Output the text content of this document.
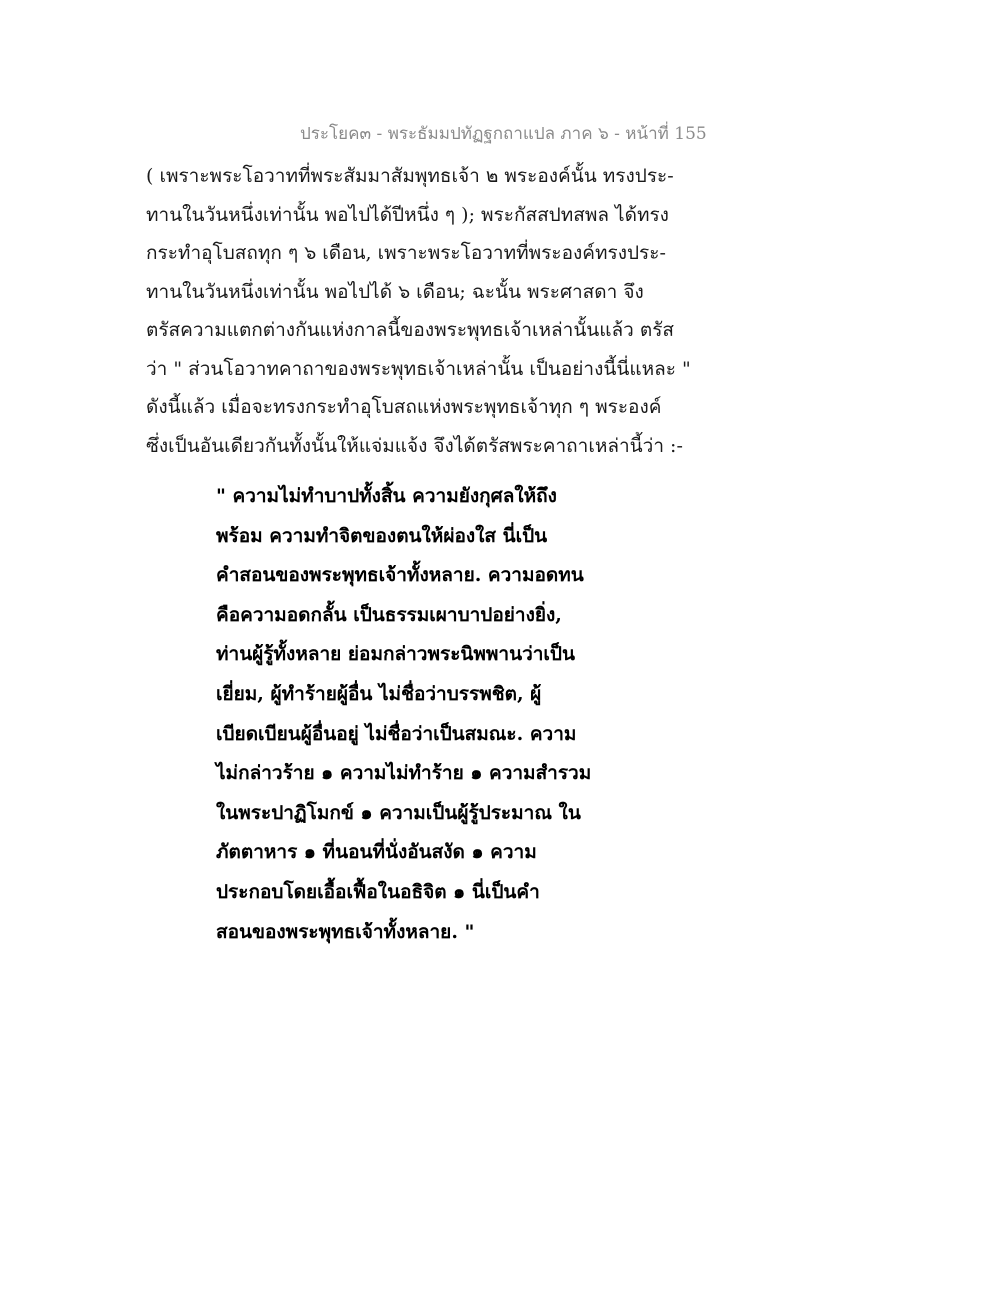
ประโยค๓ - พระธัมมปทัฏฐกถาแปล ภาค ๖ - หน้าที่ 155
( เพราะพระโอวาทที่พระสัมมาสัมพุทธเจ้า ๒ พระองค์นั้น ทรงประ-
ทานในวันหนึ่งเท่านั้น พอไปได้ปีหนึ่ง ๆ ); พระกัสสปทสพล ได้ทรง
กระทำอุโบสถทุก ๆ ๖ เดือน, เพราะพระโอวาทที่พระองค์ทรงประ-
ทานในวันหนึ่งเท่านั้น พอไปได้ ๖ เดือน; ฉะนั้น พระศาสดา จึง
ตรัสความแตกต่างกันแห่งกาลนี้ของพระพุทธเจ้าเหล่านั้นแล้ว ตรัส
ว่า " ส่วนโอวาทคาถาของพระพุทธเจ้าเหล่านั้น เป็นอย่างนี้นี่แหละ "
ดังนี้แล้ว เมื่อจะทรงกระทำอุโบสถแห่งพระพุทธเจ้าทุก ๆ พระองค์
ซึ่งเป็นอันเดียวกันทั้งนั้นให้แจ่มแจ้ง จึงได้ตรัสพระคาถาเหล่านี้ว่า :-
" ความไม่ทำบาปทั้งสิ้น ความยังกุศลให้ถึง
พร้อม ความทำจิตของตนให้ผ่องใส นี่เป็น
คำสอนของพระพุทธเจ้าทั้งหลาย. ความอดทน
คือความอดกลั้น เป็นธรรมเผาบาปอย่างยิ่ง,
ท่านผู้รู้ทั้งหลาย ย่อมกล่าวพระนิพพานว่าเป็น
เยี่ยม, ผู้ทำร้ายผู้อื่น ไม่ชื่อว่าบรรพชิต, ผู้
เบียดเบียนผู้อื่นอยู่ ไม่ชื่อว่าเป็นสมณะ. ความ
ไม่กล่าวร้าย ๑ ความไม่ทำร้าย ๑ ความสำรวม
ในพระปาฏิโมกข์ ๑ ความเป็นผู้รู้ประมาณ ใน
ภัตตาหาร ๑ ที่นอนที่นั่งอันสงัด ๑ ความ
ประกอบโดยเอื้อเฟื้อในอธิจิต ๑ นี่เป็นคำ
สอนของพระพุทธเจ้าทั้งหลาย. "
